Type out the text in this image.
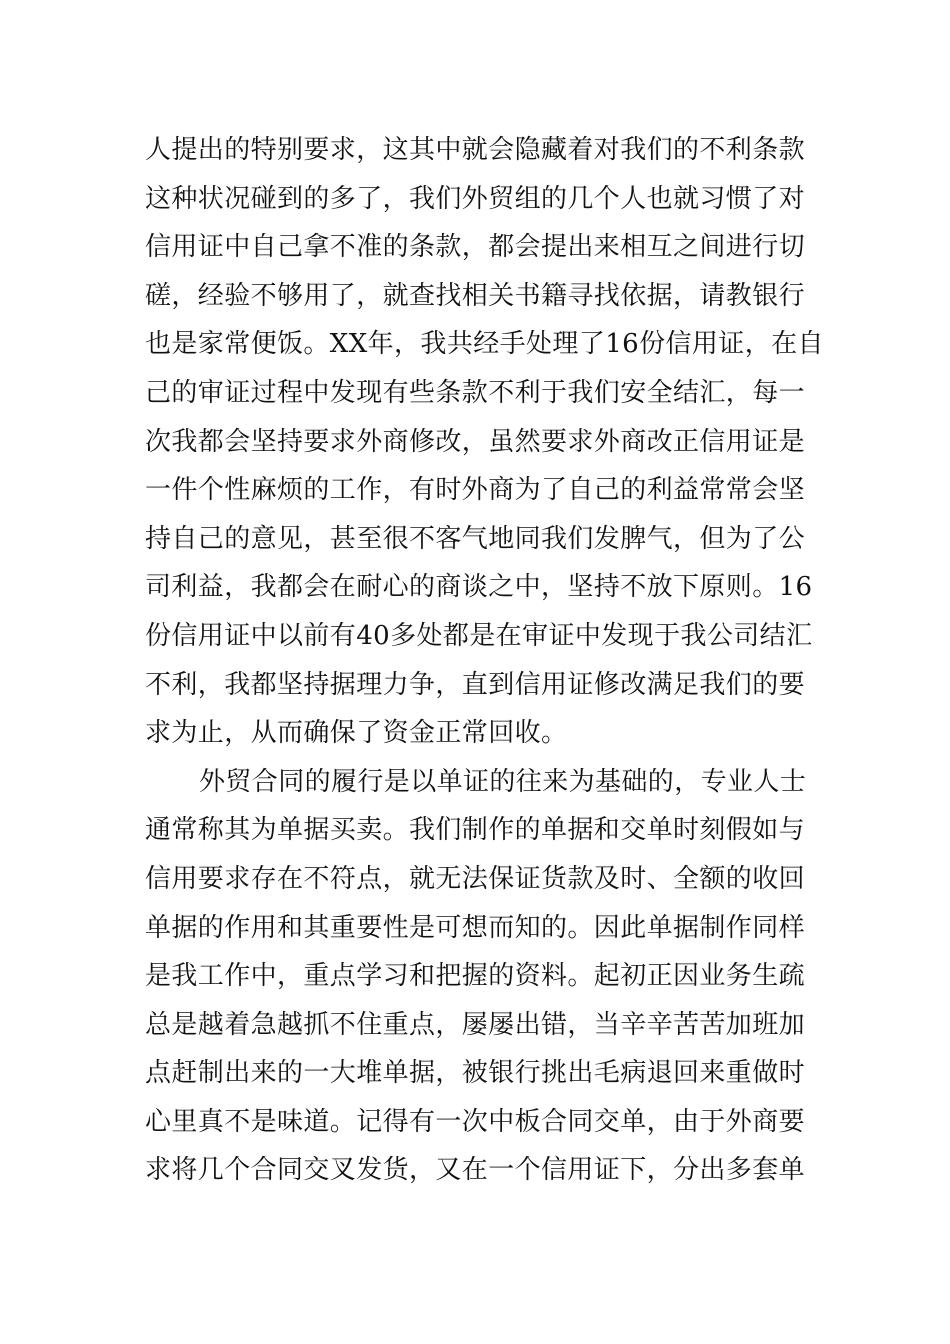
人提出的特别要求，这其中就会隐藏着对我们的不利条款
这种状况碰到的多了，我们外贸组的几个人也就习惯了对
信用证中自己拿不准的条款，都会提出来相互之间进行切
磋，经验不够用了，就查找相关书籍寻找依据，请教银行
也是家常便饭。XX年，我共经手处理了16份信用证，在自
己的审证过程中发现有些条款不利于我们安全结汇，每一
次我都会坚持要求外商修改，虽然要求外商改正信用证是
一件个性麻烦的工作，有时外商为了自己的利益常常会坚
持自己的意见，甚至很不客气地同我们发脾气，但为了公
司利益，我都会在耐心的商谈之中，坚持不放下原则。16
份信用证中以前有40多处都是在审证中发现于我公司结汇
不利，我都坚持据理力争，直到信用证修改满足我们的要
求为止，从而确保了资金正常回收。
外贸合同的履行是以单证的往来为基础的，专业人士
通常称其为单据买卖。我们制作的单据和交单时刻假如与
信用要求存在不符点，就无法保证货款及时、全额的收回
单据的作用和其重要性是可想而知的。因此单据制作同样
是我工作中，重点学习和把握的资料。起初正因业务生疏
总是越着急越抓不住重点，屡屡出错，当辛辛苦苦加班加
点赶制出来的一大堆单据，被银行挑出毛病退回来重做时
心里真不是味道。记得有一次中板合同交单，由于外商要
求将几个合同交叉发货，又在一个信用证下，分出多套单
